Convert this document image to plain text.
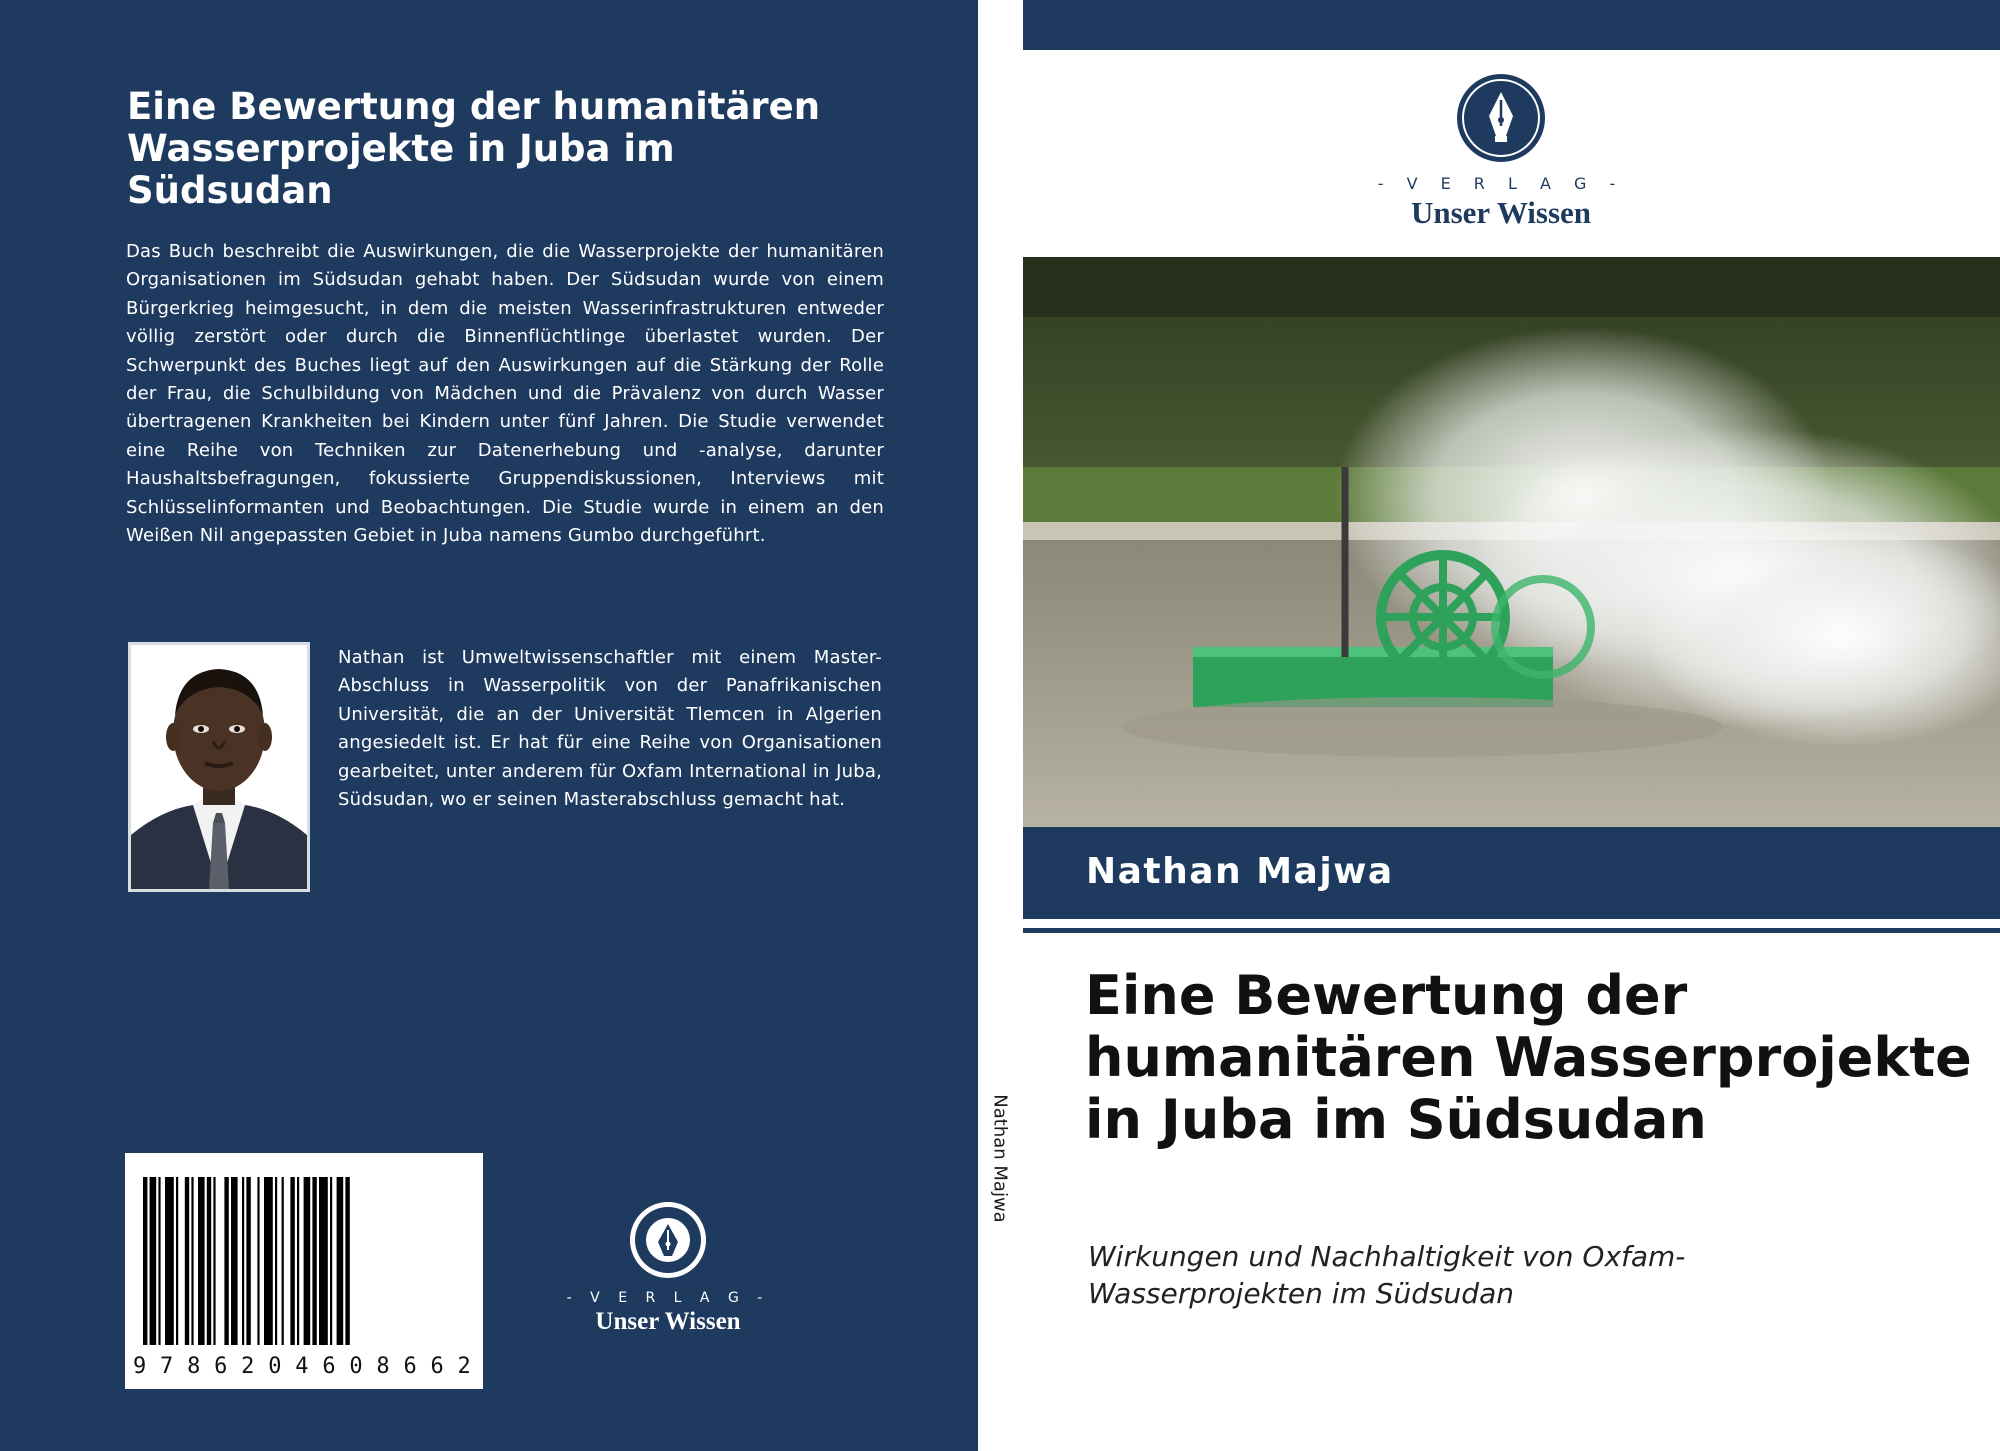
Eine Bewertung der humanitären Wasserprojekte in Juba im Südsudan

Das Buch beschreibt die Auswirkungen, die die Wasserprojekte der humanitären Organisationen im Südsudan gehabt haben. Der Südsudan wurde von einem Bürgerkrieg heimgesucht, in dem die meisten Wasserinfrastrukturen entweder völlig zerstört oder durch die Binnenflüchtlinge überlastet wurden. Der Schwerpunkt des Buches liegt auf den Auswirkungen auf die Stärkung der Rolle der Frau, die Schulbildung von Mädchen und die Prävalenz von durch Wasser übertragenen Krankheiten bei Kindern unter fünf Jahren. Die Studie verwendet eine Reihe von Techniken zur Datenerhebung und -analyse, darunter Haushaltsbefragungen, fokussierte Gruppendiskussionen, Interviews mit Schlüsselinformanten und Beobachtungen. Die Studie wurde in einem an den Weißen Nil angepassten Gebiet in Juba namens Gumbo durchgeführt.

Nathan ist Umweltwissenschaftler mit einem Master-Abschluss in Wasserpolitik von der Panafrikanischen Universität, die an der Universität Tlemcen in Algerien angesiedelt ist. Er hat für eine Reihe von Organisationen gearbeitet, unter anderem für Oxfam International in Juba, Südsudan, wo er seinen Masterabschluss gemacht hat.

9786204608662
- V E R L A G -
Unser Wissen
Nathan Majwa
- V E R L A G -
Unser Wissen

Nathan Majwa

Eine Bewertung der humanitären Wasserprojekte in Juba im Südsudan
Wirkungen und Nachhaltigkeit von Oxfam-Wasserprojekten im Südsudan
